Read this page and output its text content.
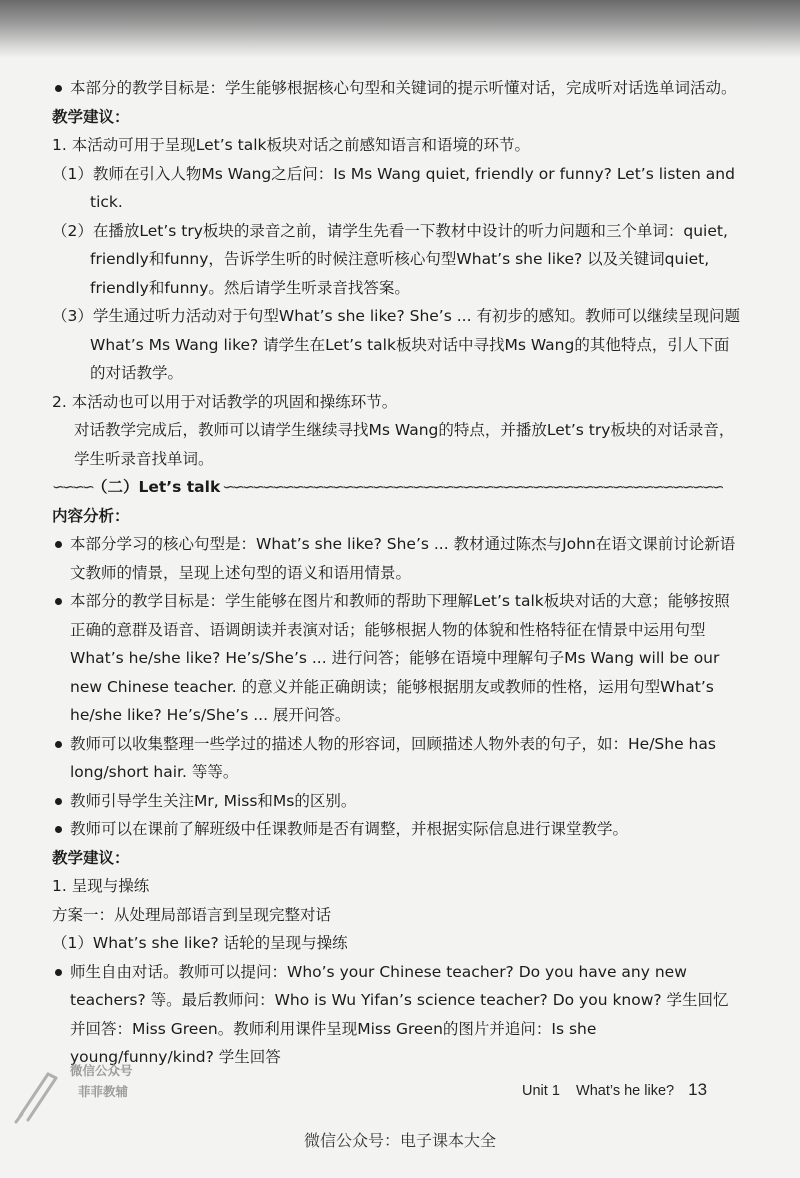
本部分的教学目标是：学生能够根据核心句型和关键词的提示听懂对话，完成听对话选单词活动。

教学建议：

1. 本活动可用于呈现Let’s talk板块对话之前感知语言和语境的环节。

（1）教师在引入人物Ms Wang之后问：Is Ms Wang quiet, friendly or funny? Let’s listen and tick.

（2）在播放Let’s try板块的录音之前，请学生先看一下教材中设计的听力问题和三个单词：quiet, friendly和funny，告诉学生听的时候注意听核心句型What’s she like? 以及关键词quiet, friendly和funny。然后请学生听录音找答案。

（3）学生通过听力活动对于句型What’s she like? She’s ... 有初步的感知。教师可以继续呈现问题What’s Ms Wang like? 请学生在Let’s talk板块对话中寻找Ms Wang的其他特点，引人下面的对话教学。

2. 本活动也可以用于对话教学的巩固和操练环节。

对话教学完成后，教师可以请学生继续寻找Ms Wang的特点，并播放Let’s try板块的对话录音，学生听录音找单词。

∽∽∽∽ （二）Let’s talk ∽∽∽∽∽∽∽∽∽∽∽∽∽∽∽∽∽∽∽∽∽∽∽∽∽∽∽∽∽∽∽∽∽∽∽∽∽∽∽∽∽∽∽∽∽∽∽∽∽∽

内容分析：

本部分学习的核心句型是：What’s she like? She’s ... 教材通过陈杰与John在语文课前讨论新语文教师的情景，呈现上述句型的语义和语用情景。

本部分的教学目标是：学生能够在图片和教师的帮助下理解Let’s talk板块对话的大意；能够按照正确的意群及语音、语调朗读并表演对话；能够根据人物的体貌和性格特征在情景中运用句型What’s he/she like? He’s/She’s ... 进行问答；能够在语境中理解句子Ms Wang will be our new Chinese teacher. 的意义并能正确朗读；能够根据朋友或教师的性格，运用句型What’s he/she like? He’s/She’s ... 展开问答。

教师可以收集整理一些学过的描述人物的形容词，回顾描述人物外表的句子，如：He/She has long/short hair. 等等。

教师引导学生关注Mr, Miss和Ms的区别。

教师可以在课前了解班级中任课教师是否有调整，并根据实际信息进行课堂教学。

教学建议：

1. 呈现与操练

方案一：从处理局部语言到呈现完整对话

（1）What’s she like? 话轮的呈现与操练

师生自由对话。教师可以提问：Who’s your Chinese teacher? Do you have any new teachers? 等。最后教师问：Who is Wu Yifan’s science teacher? Do you know? 学生回忆并回答：Miss Green。教师利用课件呈现Miss Green的图片并追问：Is she young/funny/kind? 学生回答

微信公众号
菲菲教辅	Unit 1 What’s he like? 13
微信公众号：电子课本大全
